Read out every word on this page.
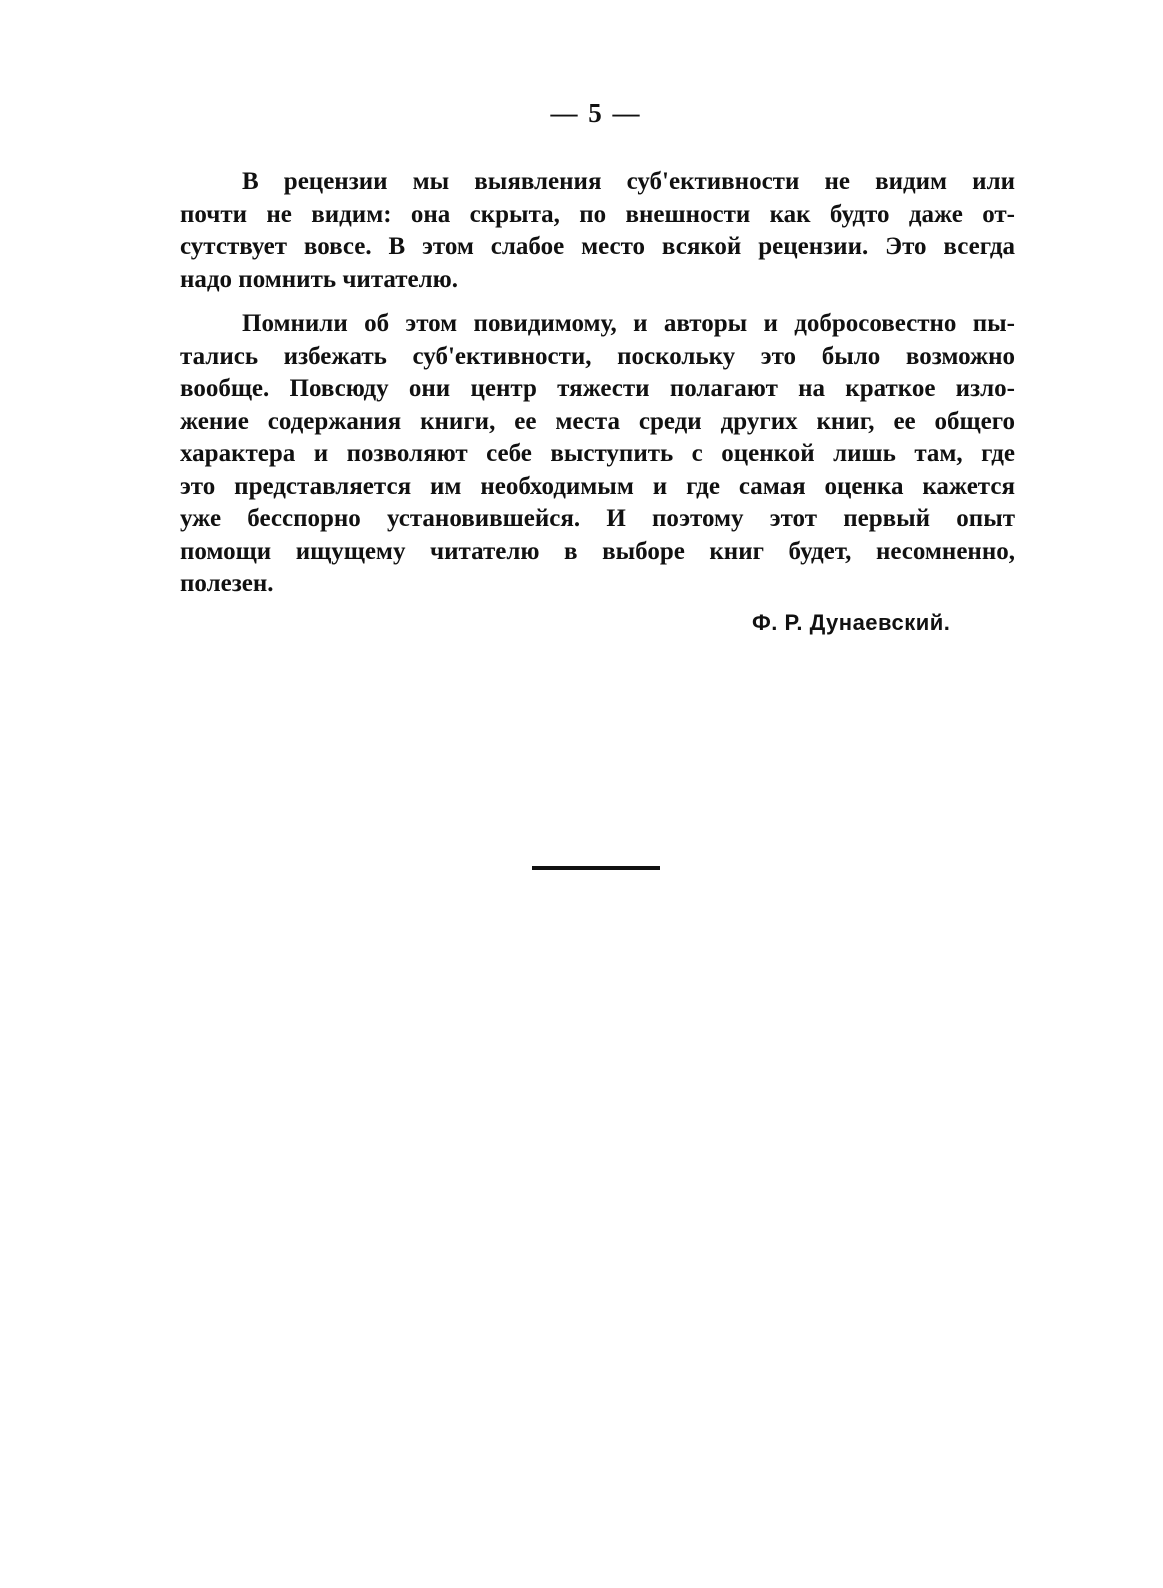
— 5 —
В рецензии мы выявления суб'ективности не видим или
почти не видим: она скрыта, по внешности как будто даже от-
сутствует вовсе. В этом слабое место всякой рецензии. Это всегда
надо помнить читателю.
Помнили об этом повидимому, и авторы и добросовестно пы-
тались избежать суб'ективности, поскольку это было возможно
вообще. Повсюду они центр тяжести полагают на краткое изло-
жение содержания книги, ее места среди других книг, ее общего
характера и позволяют себе выступить с оценкой лишь там, где
это представляется им необходимым и где самая оценка кажется
уже бесспорно установившейся. И поэтому этот первый опыт
помощи ищущему читателю в выборе книг будет, несомненно,
полезен.
Ф. Р. Дунаевский.
